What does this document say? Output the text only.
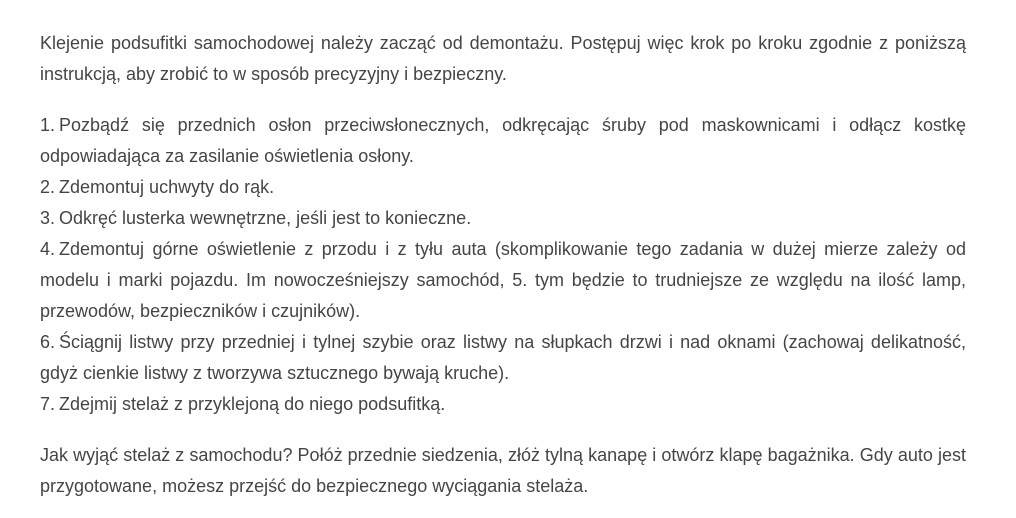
Klejenie podsufitki samochodowej należy zacząć od demontażu. Postępuj więc krok po kroku zgodnie z poniższą instrukcją, aby zrobić to w sposób precyzyjny i bezpieczny.

1. Pozbądź się przednich osłon przeciwsłonecznych, odkręcając śruby pod maskownicami i odłącz kostkę odpowiadająca za zasilanie oświetlenia osłony.
2. Zdemontuj uchwyty do rąk.
3. Odkręć lusterka wewnętrzne, jeśli jest to konieczne.
4. Zdemontuj górne oświetlenie z przodu i z tyłu auta (skomplikowanie tego zadania w dużej mierze zależy od modelu i marki pojazdu. Im nowocześniejszy samochód, 5. tym będzie to trudniejsze ze względu na ilość lamp, przewodów, bezpieczników i czujników).
6. Ściągnij listwy przy przedniej i tylnej szybie oraz listwy na słupkach drzwi i nad oknami (zachowaj delikatność, gdyż cienkie listwy z tworzywa sztucznego bywają kruche).
7. Zdejmij stelaż z przyklejoną do niego podsufitką.

Jak wyjąć stelaż z samochodu? Połóż przednie siedzenia, złóż tylną kanapę i otwórz klapę bagażnika. Gdy auto jest przygotowane, możesz przejść do bezpiecznego wyciągania stelaża.
